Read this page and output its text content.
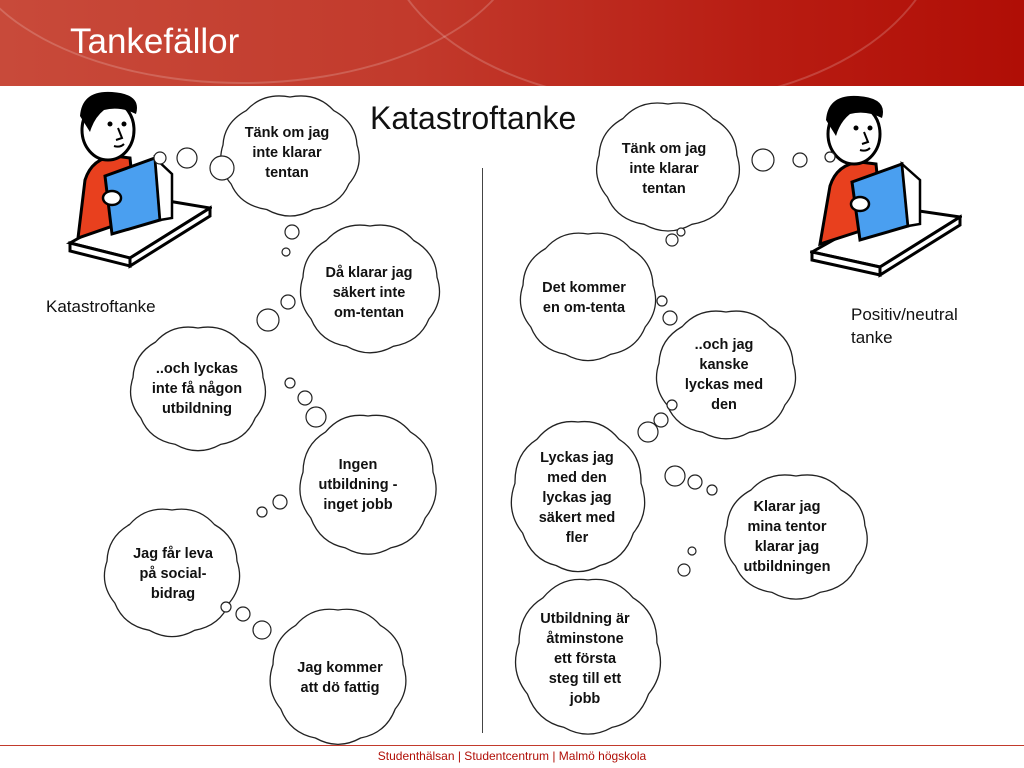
Tankefällor
Katastroftanke
Katastroftanke	Positiv/neutral
tanke
Tänk om jag
inte klarar
tentan
Då klarar jag
säkert inte
om-tentan
..och lyckas
inte få någon
utbildning
Ingen
utbildning -
inget jobb
Jag får leva
på social-
bidrag
Jag kommer
att dö fattig
Tänk om jag
inte klarar
tentan
Det kommer
en om-tenta
..och jag
kanske
lyckas med
den
Lyckas jag
med den
lyckas jag
säkert med
fler
Klarar jag
mina tentor
klarar jag
utbildningen
Utbildning är
åtminstone
ett första
steg till ett
jobb
Studenthälsan | Studentcentrum | Malmö högskola
